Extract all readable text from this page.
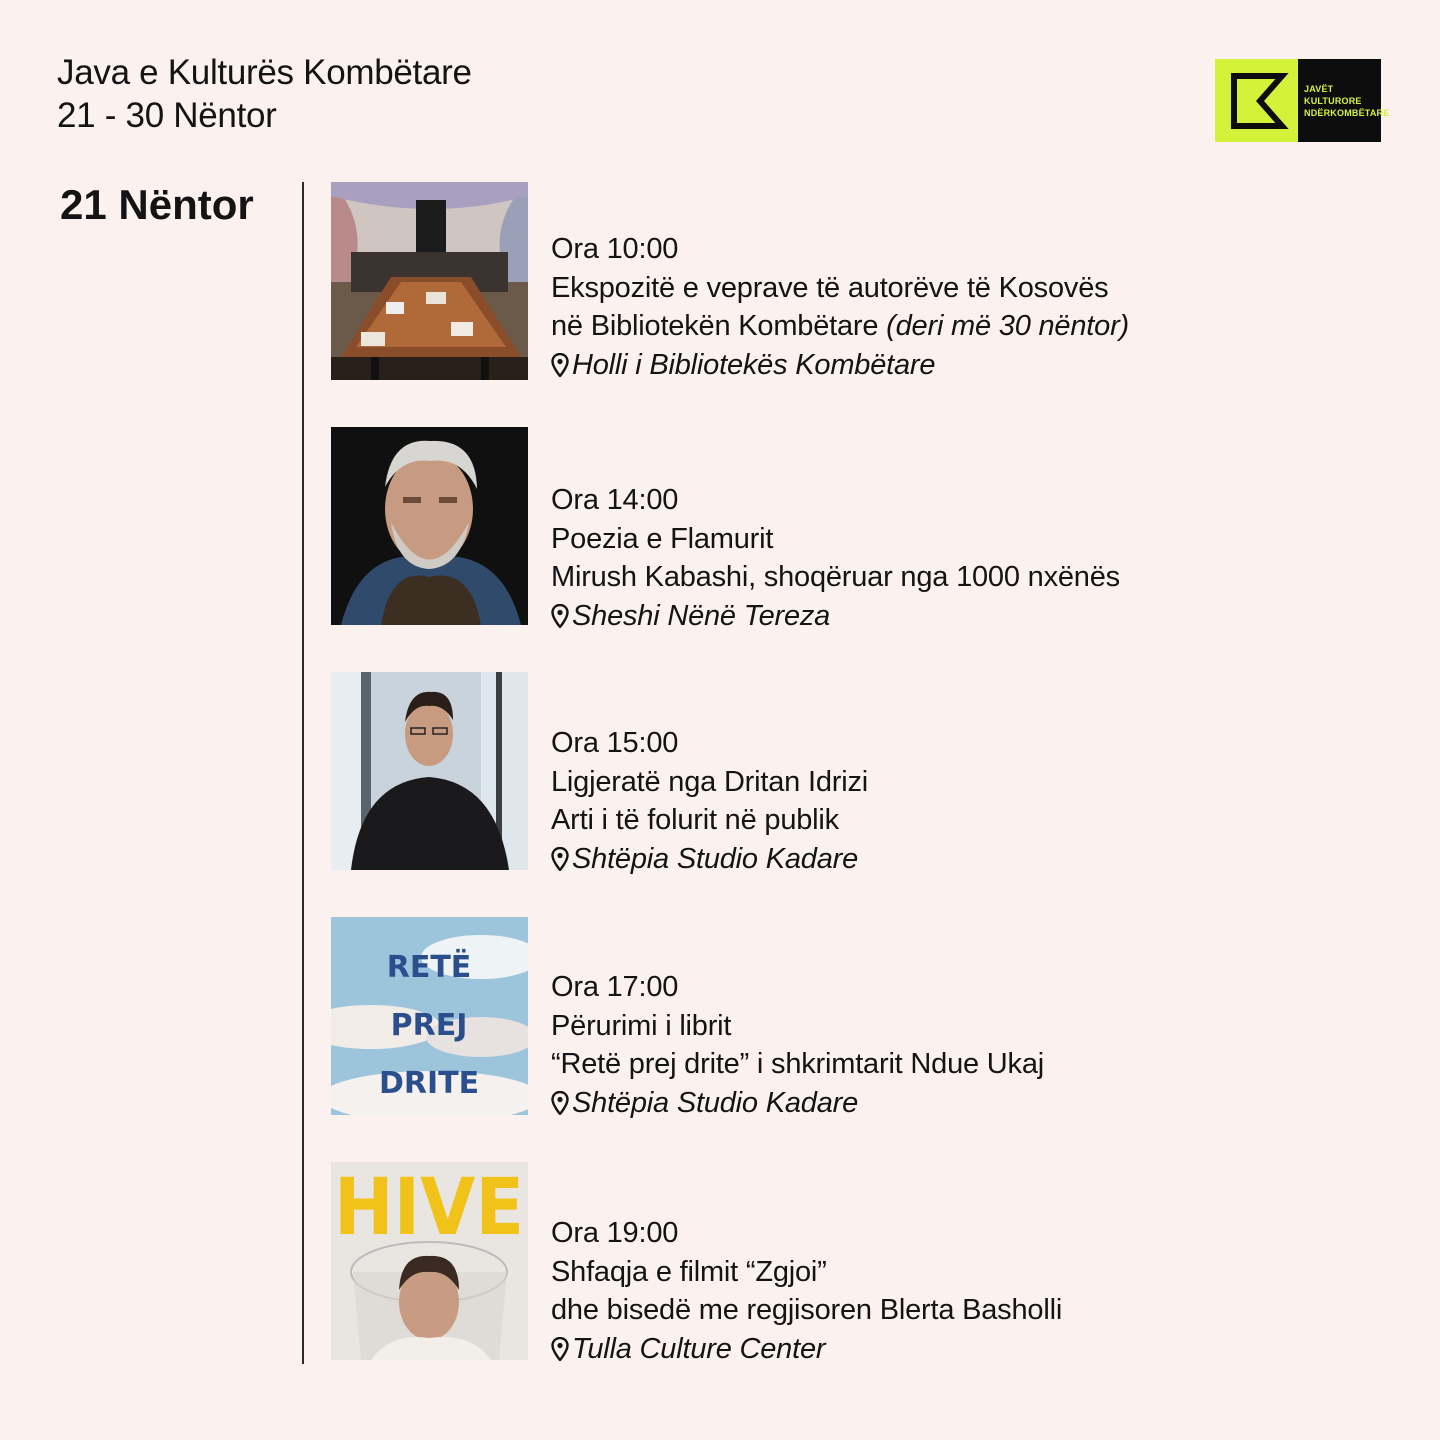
Java e Kulturës Kombëtare
21 - 30 Nëntor
JAVËT
KULTURORE
NDËRKOMBËTARE
21 Nëntor
Ora 10:00
Ekspozitë e veprave të autorëve të Kosovës
në Bibliotekën Kombëtare (deri më 30 nëntor)
Holli i Bibliotekës Kombëtare
Ora 14:00
Poezia e Flamurit
Mirush Kabashi, shoqëruar nga 1000 nxënës
Sheshi Nënë Tereza
Ora 15:00
Ligjeratë nga Dritan Idrizi
Arti i të folurit në publik
Shtëpia Studio Kadare
RETË
PREJ
DRITE
Ora 17:00
Përurimi i librit
“Retë prej drite” i shkrimtarit Ndue Ukaj
Shtëpia Studio Kadare
HIVE Ora 19:00
Shfaqja e filmit “Zgjoi”
dhe bisedë me regjisoren Blerta Basholli
Tulla Culture Center
